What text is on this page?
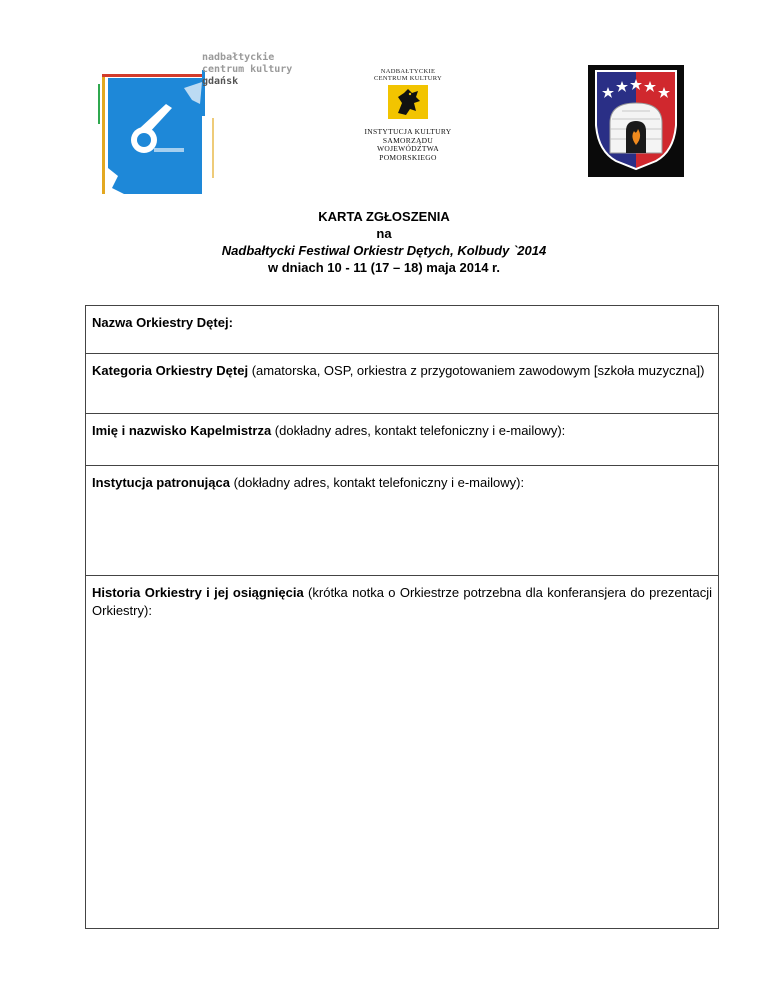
nadbałtyckie
centrum kultury
gdańsk
NADBAŁTYCKIE
CENTRUM KULTURY
INSTYTUCJA KULTURY
SAMORZĄDU
WOJEWÓDZTWA
POMORSKIEGO
KARTA ZGŁOSZENIA
na
Nadbałtycki Festiwal Orkiestr Dętych, Kolbudy `2014
w dniach 10 - 11 (17 – 18) maja 2014 r.
Nazwa Orkiestry Dętej:
Kategoria Orkiestry Dętej (amatorska, OSP, orkiestra z przygotowaniem zawodowym [szkoła muzyczna])
Imię i nazwisko Kapelmistrza (dokładny adres, kontakt telefoniczny i e-mailowy):
Instytucja patronująca (dokładny adres, kontakt telefoniczny i e-mailowy):
Historia Orkiestry i jej osiągnięcia (krótka notka o Orkiestrze potrzebna dla konferansjera do prezentacji Orkiestry):
